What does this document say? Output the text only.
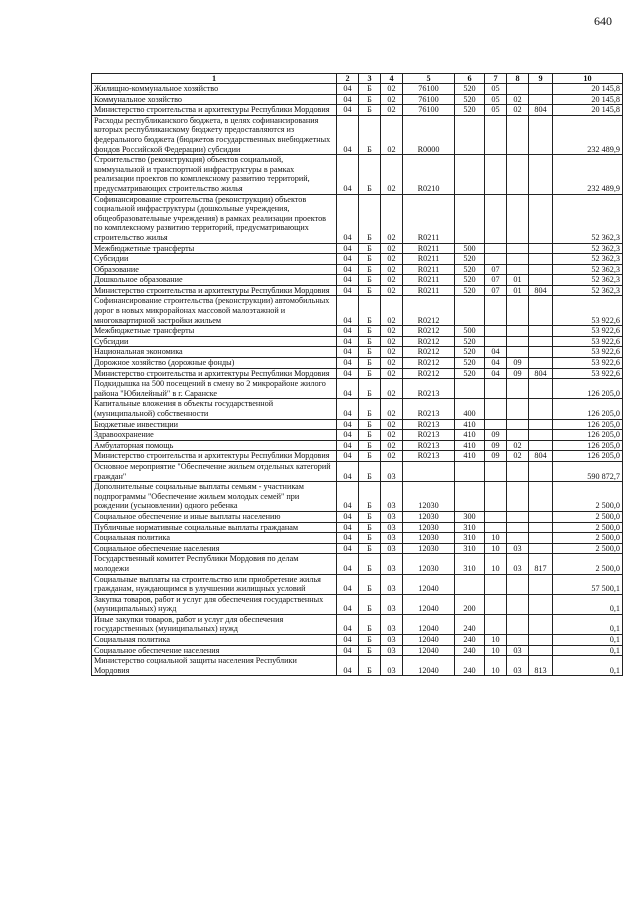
640
1	2	3	4	5	6	7	8	9	10
Жилищно-коммунальное хозяйство	04	Б	02	76100	520	05			20 145,8
Коммунальное хозяйство	04	Б	02	76100	520	05	02		20 145,8
Министерство строительства и архитектуры Республики Мордовия	04	Б	02	76100	520	05	02	804	20 145,8
Расходы республиканского бюджета, в целях софинансирования которых республиканскому бюджету предоставляются из федерального бюджета (бюджетов государственных внебюджетных фондов Российской Федерации) субсидии	04	Б	02	R0000					232 489,9
Строительство (реконструкция) объектов социальной, коммунальной и транспортной инфраструктуры в рамках реализации проектов по комплексному развитию территорий, предусматривающих строительство жилья	04	Б	02	R0210					232 489,9
Софинансирование строительства (реконструкции) объектов социальной инфраструктуры (дошкольные учреждения, общеобразовательные учреждения) в рамках реализации проектов по комплексному развитию территорий, предусматривающих строительство жилья	04	Б	02	R0211					52 362,3
Межбюджетные трансферты	04	Б	02	R0211	500				52 362,3
Субсидии	04	Б	02	R0211	520				52 362,3
Образование	04	Б	02	R0211	520	07			52 362,3
Дошкольное образование	04	Б	02	R0211	520	07	01		52 362,3
Министерство строительства и архитектуры Республики Мордовия	04	Б	02	R0211	520	07	01	804	52 362,3
Софинансирование строительства (реконструкции) автомобильных дорог в новых микрорайонах массовой малоэтажной и многоквартирной застройки жильем	04	Б	02	R0212					53 922,6
Межбюджетные трансферты	04	Б	02	R0212	500				53 922,6
Субсидии	04	Б	02	R0212	520				53 922,6
Национальная экономика	04	Б	02	R0212	520	04			53 922,6
Дорожное хозяйство (дорожные фонды)	04	Б	02	R0212	520	04	09		53 922,6
Министерство строительства и архитектуры Республики Мордовия	04	Б	02	R0212	520	04	09	804	53 922,6
Подкидышка на 500 посещений в смену во 2 микрорайоне жилого района "Юбилейный" в г. Саранске	04	Б	02	R0213					126 205,0
Капитальные вложения в объекты государственной (муниципальной) собственности	04	Б	02	R0213	400				126 205,0
Бюджетные инвестиции	04	Б	02	R0213	410				126 205,0
Здравоохранение	04	Б	02	R0213	410	09			126 205,0
Амбулаторная помощь	04	Б	02	R0213	410	09	02		126 205,0
Министерство строительства и архитектуры Республики Мордовия	04	Б	02	R0213	410	09	02	804	126 205,0
Основное мероприятие "Обеспечение жильем отдельных категорий граждан"	04	Б	03						590 872,7
Дополнительные социальные выплаты семьям - участникам подпрограммы "Обеспечение жильем молодых семей" при рождении (усыновлении) одного ребенка	04	Б	03	12030					2 500,0
Социальное обеспечение и иные выплаты населению	04	Б	03	12030	300				2 500,0
Публичные нормативные социальные выплаты гражданам	04	Б	03	12030	310				2 500,0
Социальная политика	04	Б	03	12030	310	10			2 500,0
Социальное обеспечение населения	04	Б	03	12030	310	10	03		2 500,0
Государственный комитет Республики Мордовия по делам молодежи	04	Б	03	12030	310	10	03	817	2 500,0
Социальные выплаты на строительство или приобретение жилья гражданам, нуждающимся в улучшении жилищных условий	04	Б	03	12040					57 500,1
Закупка товаров, работ и услуг для обеспечения государственных (муниципальных) нужд	04	Б	03	12040	200				0,1
Иные закупки товаров, работ и услуг для обеспечения государственных (муниципальных) нужд	04	Б	03	12040	240				0,1
Социальная политика	04	Б	03	12040	240	10			0,1
Социальное обеспечение населения	04	Б	03	12040	240	10	03		0,1
Министерство социальной защиты населения Республики Мордовия	04	Б	03	12040	240	10	03	813	0,1
